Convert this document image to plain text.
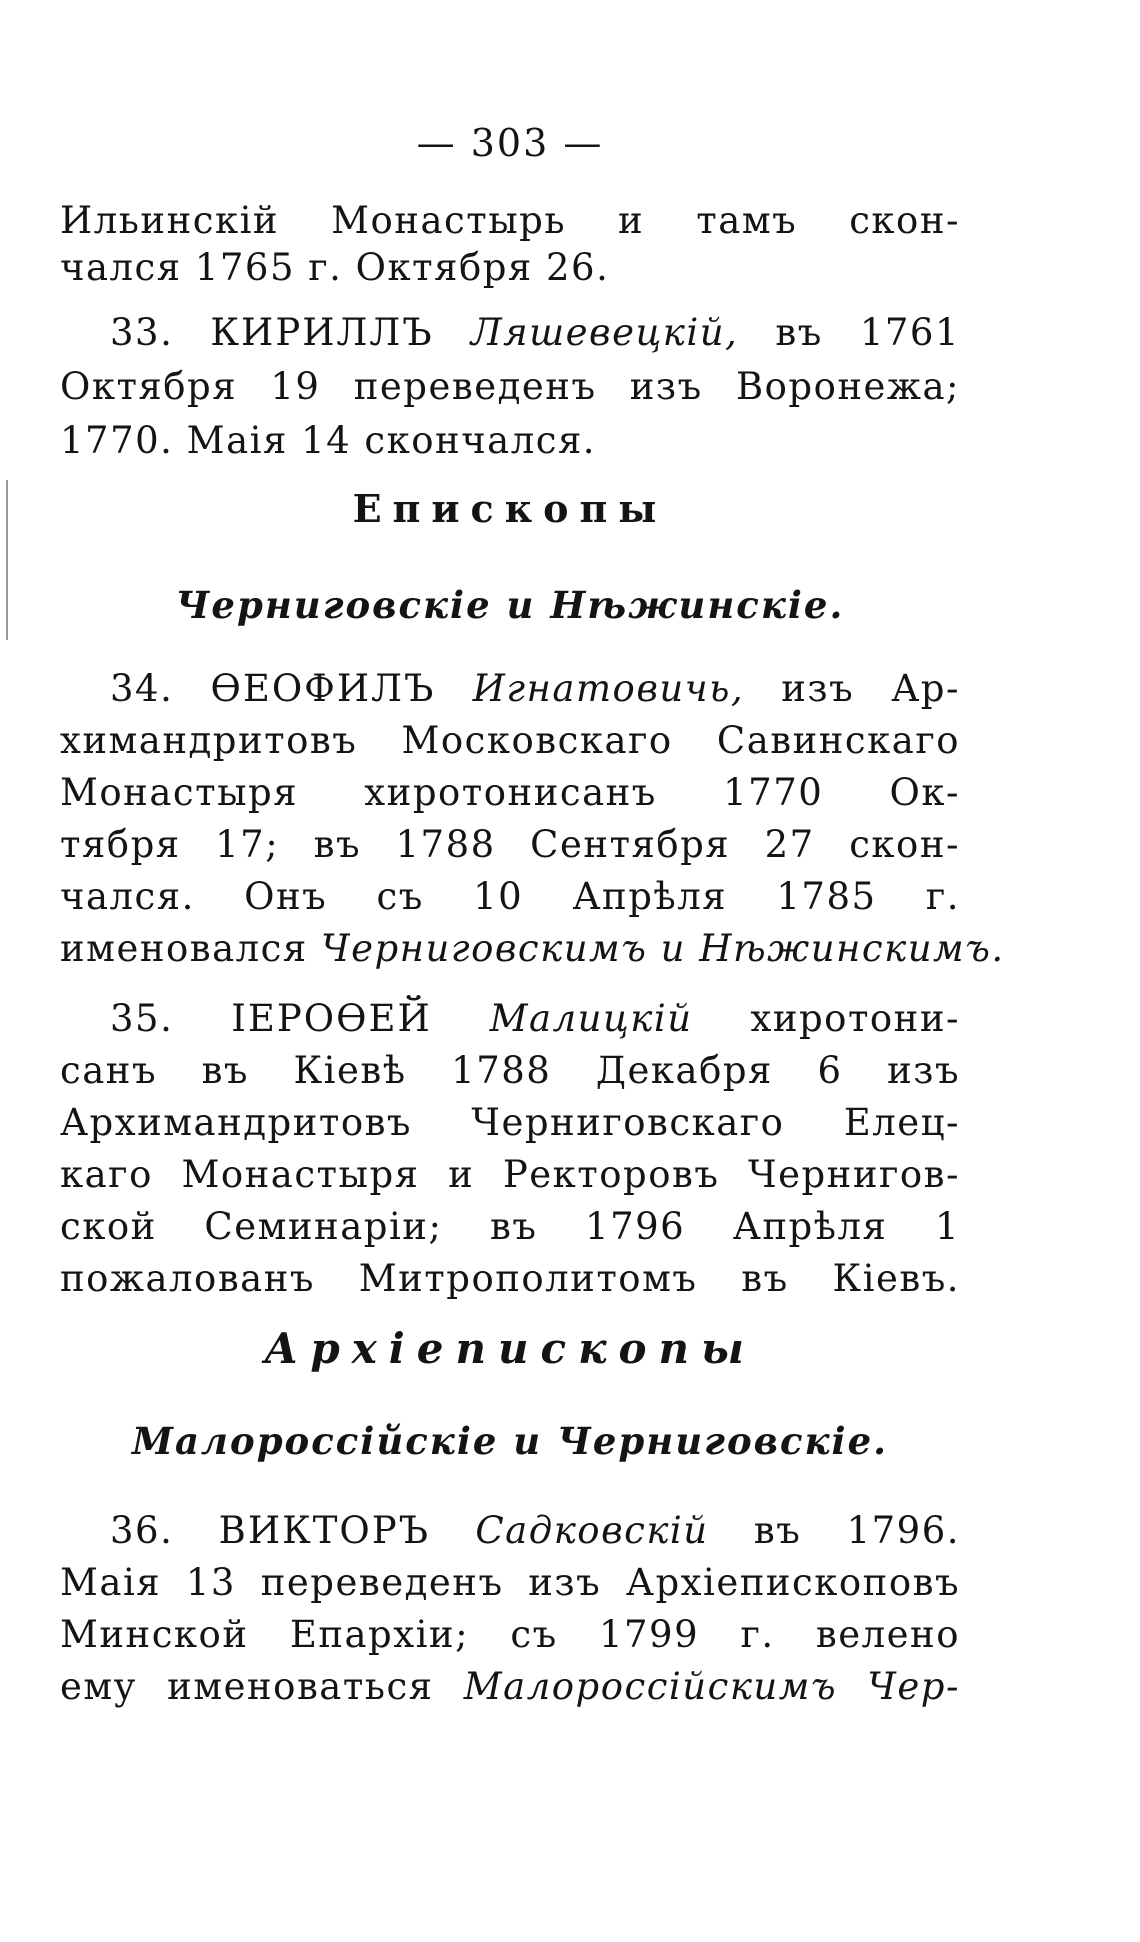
— 303 —
Ильинскій Монастырь и тамъ скон-
чался 1765 г. Октября 26.
33. КИРИЛЛЪ Ляшевецкій, въ 1761
Октября 19 переведенъ изъ Воронежа;
1770. Маія 14 скончался.
Епископы
Черниговскіе и Нѣжинскіе.
34. ѲЕОФИЛЪ Игнатовичь, изъ Ар-
химандритовъ Московскаго Савинскаго
Монастыря хиротонисанъ 1770 Ок-
тября 17; въ 1788 Сентября 27 скон-
чался. Онъ съ 10 Апрѣля 1785 г.
именовался Черниговскимъ и Нѣжинскимъ.
35. ІЕРОѲЕЙ Малицкій хиротони-
санъ въ Кіевѣ 1788 Декабря 6 изъ
Архимандритовъ Черниговскаго Елец-
каго Монастыря и Ректоровъ Чернигов-
ской Семинаріи; въ 1796 Апрѣля 1
пожалованъ Митрополитомъ въ Кіевъ.
Архіепископы
Малороссійскіе и Черниговскіе.
36. ВИКТОРЪ Садковскій въ 1796.
Маія 13 переведенъ изъ Архіепископовъ
Минской Епархіи; съ 1799 г. велено
ему именоваться Малороссійскимъ Чер-
